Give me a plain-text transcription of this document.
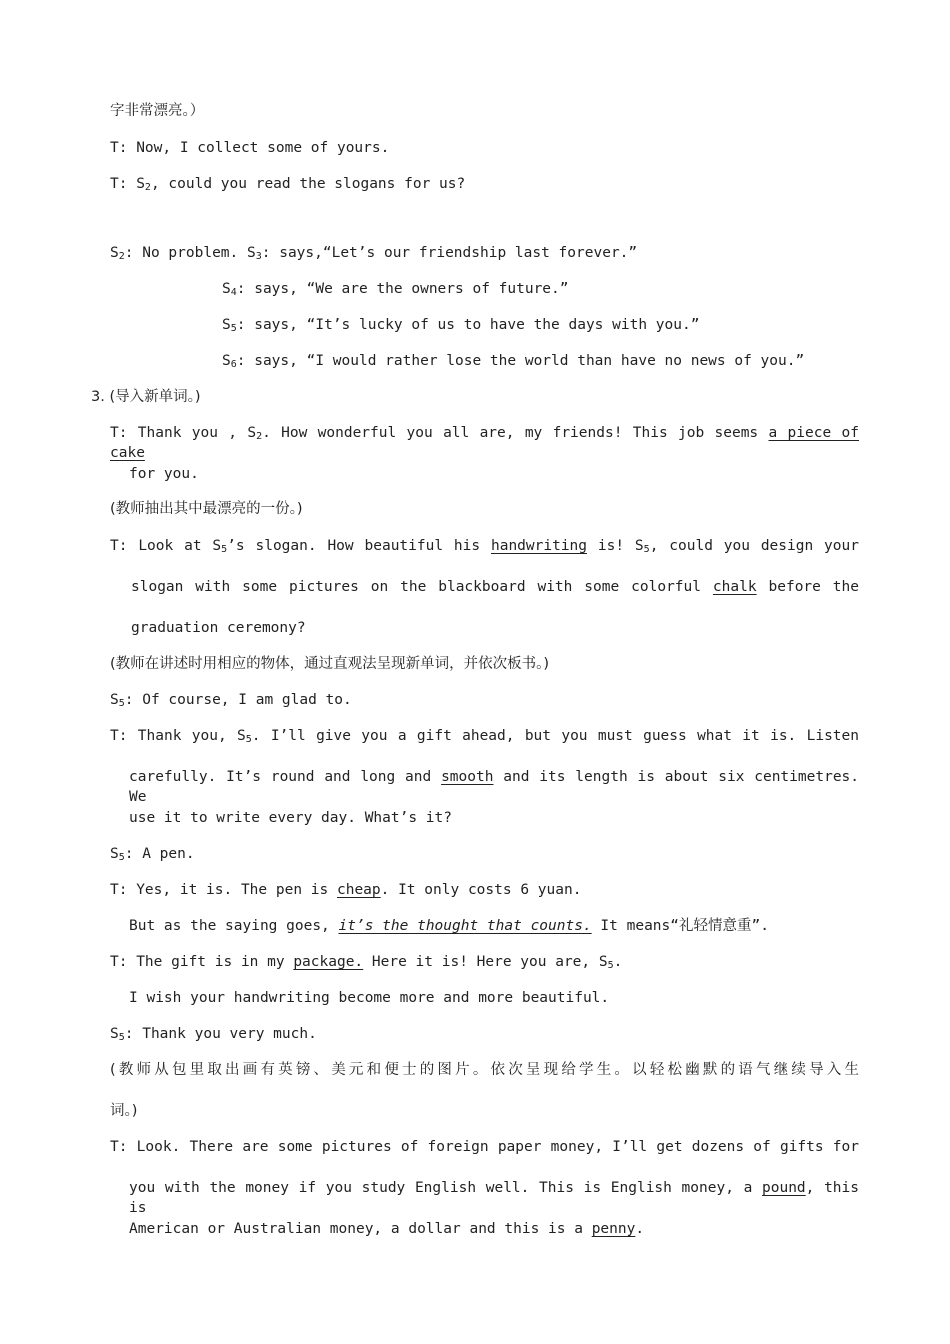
字非常漂亮。）
T: Now, I collect some of yours.
T: $S_2$, could you read the slogans for us?
$S_2$: No problem. $S_3$: says,“Let’s our friendship last forever.”
$S_4$: says, “We are the owners of future.”
$S_5$: says, “It’s lucky of us to have the days with you.”
$S_6$: says, “I would rather lose the world than have no news of you.”
3. (导入新单词。)
T: Thank you , $S_2$. How wonderful you all are, my friends! This job seems a piece of cake
for you.
(教师抽出其中最漂亮的一份。)
T: Look at $S_5’s$ slogan. How beautiful his handwriting is! $S_5$, could you design your
slogan with some pictures on the blackboard with some colorful chalk before the
graduation ceremony?
(教师在讲述时用相应的物体，通过直观法呈现新单词，并依次板书。)
$S_5$: Of course, I am glad to.
T: Thank you, $S_5$. I’ll give you a gift ahead, but you must guess what it is. Listen
carefully. It’s round and long and smooth and its length is about six centimetres. We
use it to write every day. What’s it?
$S_5$: A pen.
T: Yes, it is. The pen is cheap. It only costs 6 yuan.
But as the saying goes, it’s the thought that counts. It means“礼轻情意重”.
T: The gift is in my package. Here it is! Here you are, $S_5$.
I wish your handwriting become more and more beautiful.
$S_5$: Thank you very much.
(教师从包里取出画有英镑、美元和便士的图片。依次呈现给学生。以轻松幽默的语气继续导入生
词。)
T: Look. There are some pictures of foreign paper money, I’ll get dozens of gifts for
you with the money if you study English well. This is English money, a pound, this is
American or Australian money, a dollar and this is a penny.
